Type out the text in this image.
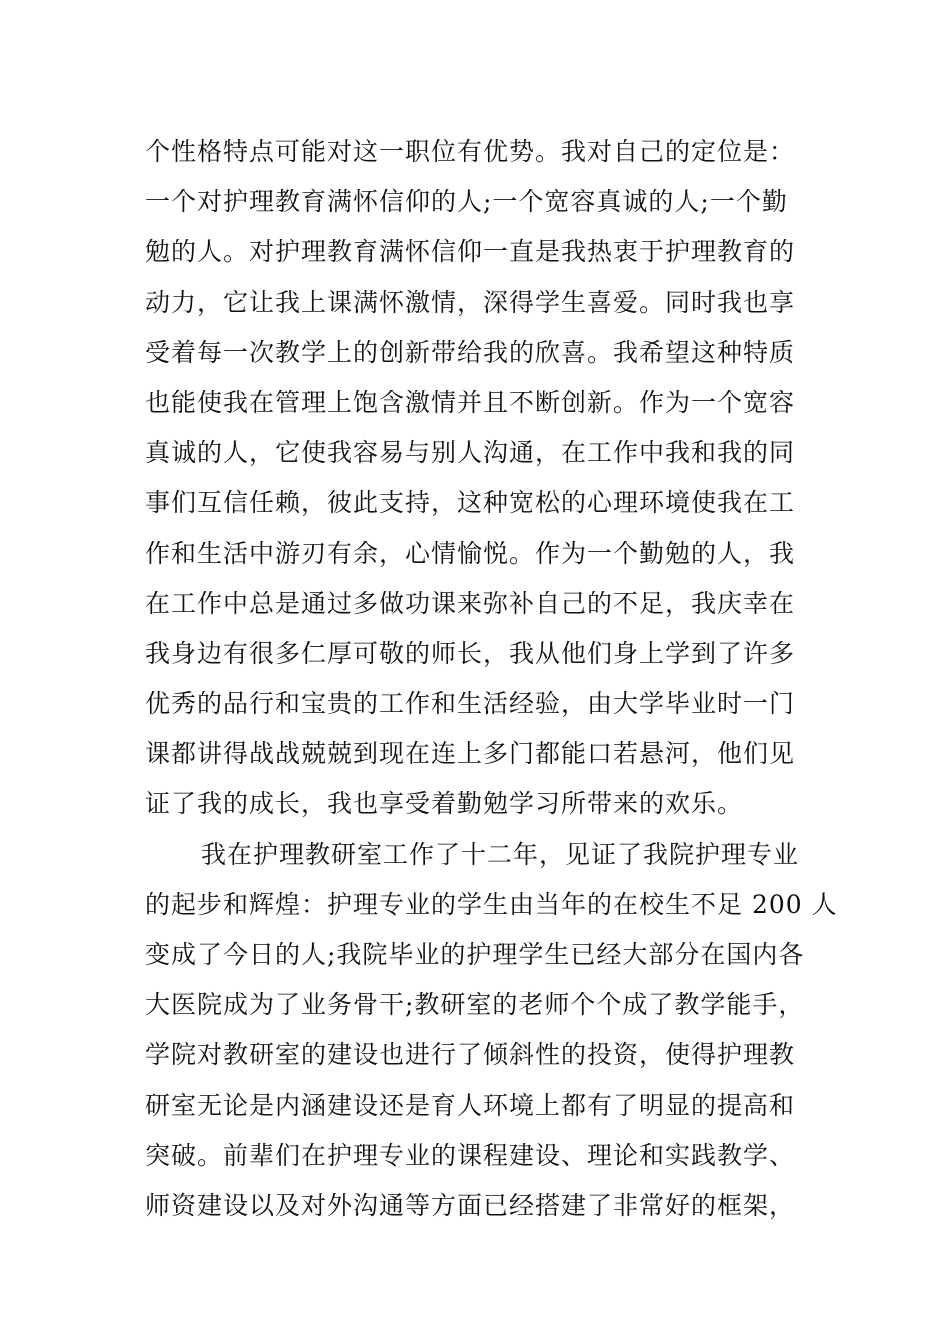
个性格特点可能对这一职位有优势。我对自己的定位是：
一个对护理教育满怀信仰的人;一个宽容真诚的人;一个勤
勉的人。对护理教育满怀信仰一直是我热衷于护理教育的
动力，它让我上课满怀激情，深得学生喜爱。同时我也享
受着每一次教学上的创新带给我的欣喜。我希望这种特质
也能使我在管理上饱含激情并且不断创新。作为一个宽容
真诚的人，它使我容易与别人沟通，在工作中我和我的同
事们互信任赖，彼此支持，这种宽松的心理环境使我在工
作和生活中游刃有余，心情愉悦。作为一个勤勉的人，我
在工作中总是通过多做功课来弥补自己的不足，我庆幸在
我身边有很多仁厚可敬的师长，我从他们身上学到了许多
优秀的品行和宝贵的工作和生活经验，由大学毕业时一门
课都讲得战战兢兢到现在连上多门都能口若悬河，他们见
证了我的成长，我也享受着勤勉学习所带来的欢乐。
我在护理教研室工作了十二年，见证了我院护理专业
的起步和辉煌：护理专业的学生由当年的在校生不足 200 人
变成了今日的人;我院毕业的护理学生已经大部分在国内各
大医院成为了业务骨干;教研室的老师个个成了教学能手，
学院对教研室的建设也进行了倾斜性的投资，使得护理教
研室无论是内涵建设还是育人环境上都有了明显的提高和
突破。前辈们在护理专业的课程建设、理论和实践教学、
师资建设以及对外沟通等方面已经搭建了非常好的框架，
